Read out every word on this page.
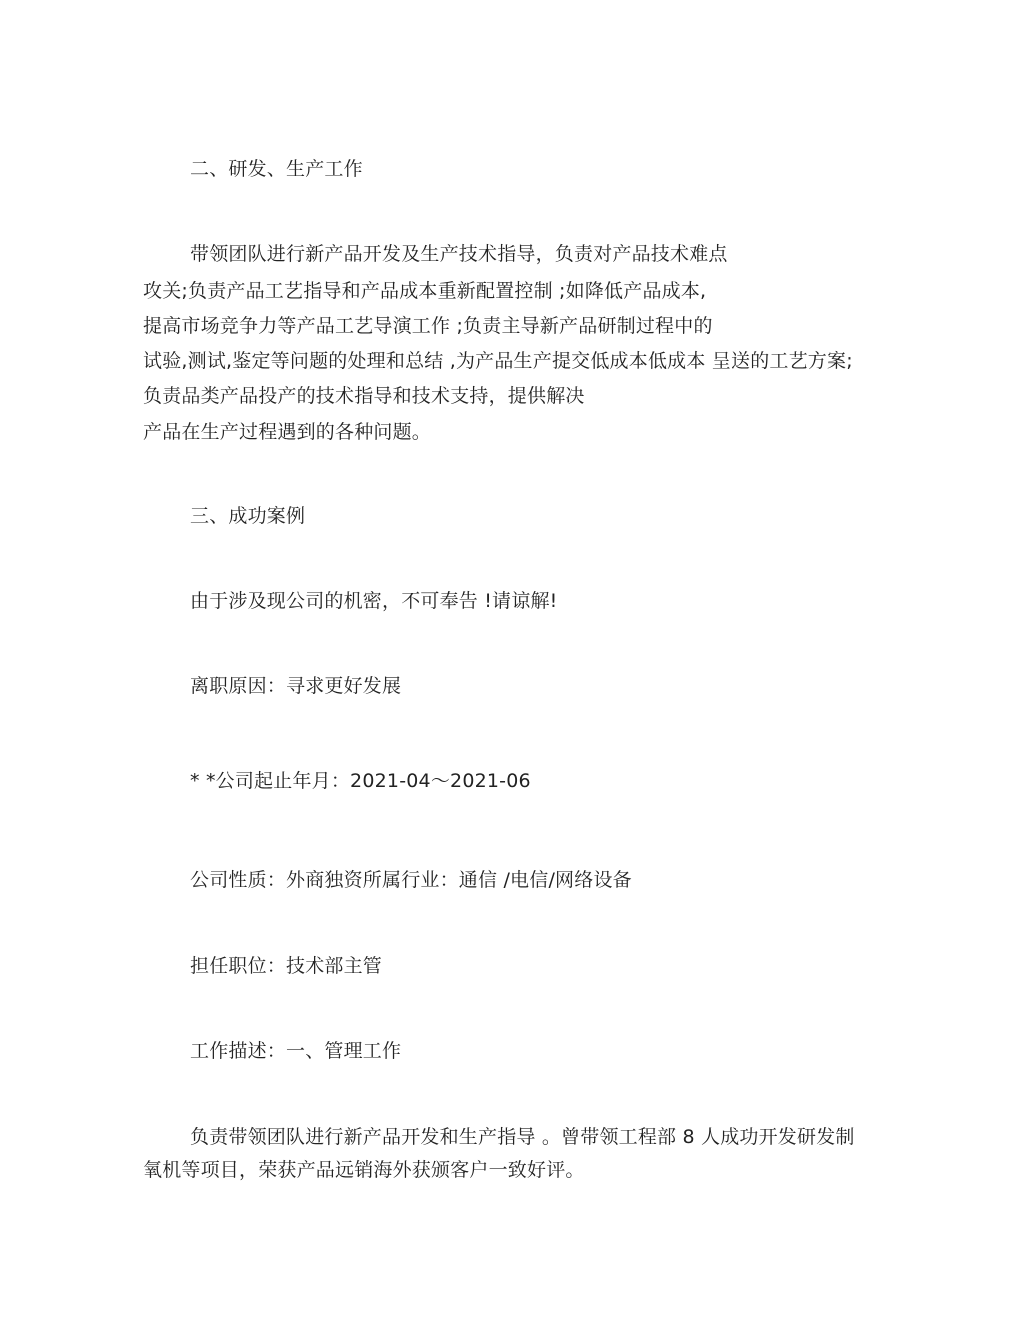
二、研发、生产工作
带领团队进行新产品开发及生产技术指导，负责对产品技术难点
攻关;负责产品工艺指导和产品成本重新配置控制 ;如降低产品成本,
提高市场竞争力等产品工艺导演工作 ;负责主导新产品研制过程中的
试验,测试,鉴定等问题的处理和总结 ,为产品生产提交低成本低成本 呈送的工艺方案;
负责品类产品投产的技术指导和技术支持，提供解决
产品在生产过程遇到的各种问题。
三、成功案例
由于涉及现公司的机密，不可奉告 !请谅解!
离职原因：寻求更好发展
* *公司起止年月：2021-04～2021-06
公司性质：外商独资所属行业：通信 /电信/网络设备
担任职位：技术部主管
工作描述：一、管理工作
负责带领团队进行新产品开发和生产指导 。曾带领工程部 8 人成功开发研发制
氧机等项目，荣获产品远销海外获颁客户一致好评。
